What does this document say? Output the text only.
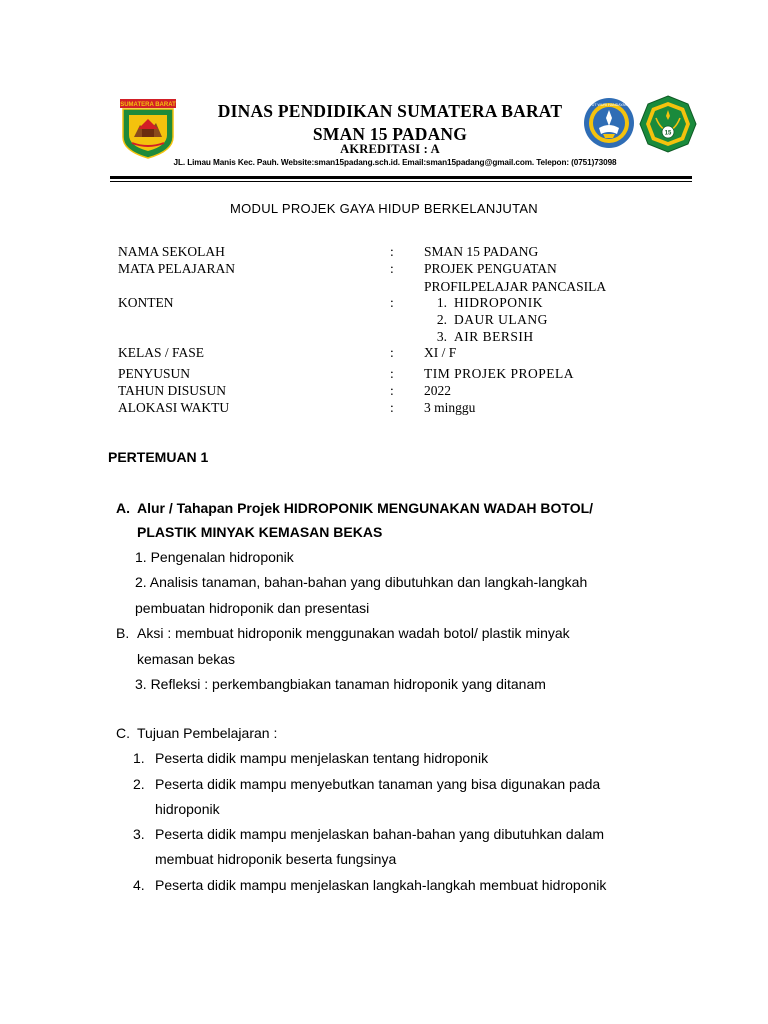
SUMATERA BARAT	DINAS PENDIDIKAN SUMATERA BARAT
SMAN 15 PADANG
AKREDITASI : A
JL. Limau Manis Kec. Pauh. Website:sman15padang.sch.id. Email:sman15padang@gmail.com. Telepon: (0751)73098
TUT WURI HANDAYANI
15
MODUL PROJEK GAYA HIDUP BERKELANJUTAN
NAMA SEKOLAH	: SMAN 15 PADANG
MATA PELAJARAN	: PROJEK PENGUATAN
PROFILPELAJAR PANCASILA
KONTEN	:	1. HIDROPONIK
2. DAUR ULANG
3. AIR BERSIH
KELAS / FASE	: XI / F
PENYUSUN	: TIM PROJEK PROPELA
TAHUN DISUSUN	: 2022
ALOKASI WAKTU	: 3 minggu
PERTEMUAN 1
A. Alur / Tahapan Projek HIDROPONIK MENGUNAKAN WADAH BOTOL/
PLASTIK MINYAK KEMASAN BEKAS
1. Pengenalan hidroponik
2. Analisis tanaman, bahan-bahan yang dibutuhkan dan langkah-langkah
pembuatan hidroponik dan presentasi
B. Aksi : membuat hidroponik menggunakan wadah botol/ plastik minyak
kemasan bekas
3. Refleksi : perkembangbiakan tanaman hidroponik yang ditanam
C. Tujuan Pembelajaran :
1. Peserta didik mampu menjelaskan tentang hidroponik
2. Peserta didik mampu menyebutkan tanaman yang bisa digunakan pada
hidroponik
3. Peserta didik mampu menjelaskan bahan-bahan yang dibutuhkan dalam
membuat hidroponik beserta fungsinya
4. Peserta didik mampu menjelaskan langkah-langkah membuat hidroponik
